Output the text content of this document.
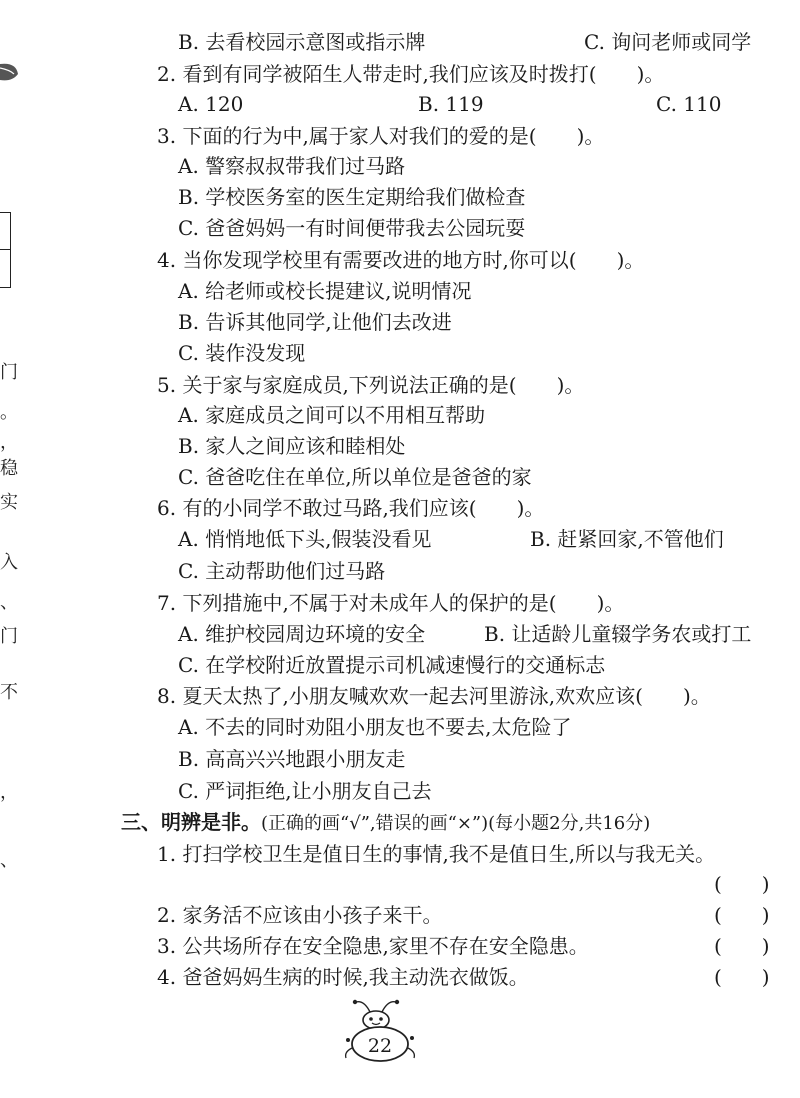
门
。
，
稳
实
入
、
门
不
，
、
B. 去看校园示意图或指示牌	C. 询问老师或同学
2. 看到有同学被陌生人带走时,我们应该及时拨打(　　)。
A. 120	B. 119	C. 110
3. 下面的行为中,属于家人对我们的爱的是(　　)。
A. 警察叔叔带我们过马路
B. 学校医务室的医生定期给我们做检查
C. 爸爸妈妈一有时间便带我去公园玩耍
4. 当你发现学校里有需要改进的地方时,你可以(　　)。
A. 给老师或校长提建议,说明情况
B. 告诉其他同学,让他们去改进
C. 装作没发现
5. 关于家与家庭成员,下列说法正确的是(　　)。
A. 家庭成员之间可以不用相互帮助
B. 家人之间应该和睦相处
C. 爸爸吃住在单位,所以单位是爸爸的家
6. 有的小同学不敢过马路,我们应该(　　)。
A. 悄悄地低下头,假装没看见	B. 赶紧回家,不管他们
C. 主动帮助他们过马路
7. 下列措施中,不属于对未成年人的保护的是(　　)。
A. 维护校园周边环境的安全	B. 让适龄儿童辍学务农或打工
C. 在学校附近放置提示司机减速慢行的交通标志
8. 夏天太热了,小朋友喊欢欢一起去河里游泳,欢欢应该(　　)。
A. 不去的同时劝阻小朋友也不要去,太危险了
B. 高高兴兴地跟小朋友走
C. 严词拒绝,让小朋友自己去
三、明辨是非。(正确的画“√”,错误的画“×”)(每小题2分,共16分)
1. 打扫学校卫生是值日生的事情,我不是值日生,所以与我无关。
(　　)
2. 家务活不应该由小孩子来干。	(　　)
3. 公共场所存在安全隐患,家里不存在安全隐患。	(　　)
4. 爸爸妈妈生病的时候,我主动洗衣做饭。	(　　)
22
